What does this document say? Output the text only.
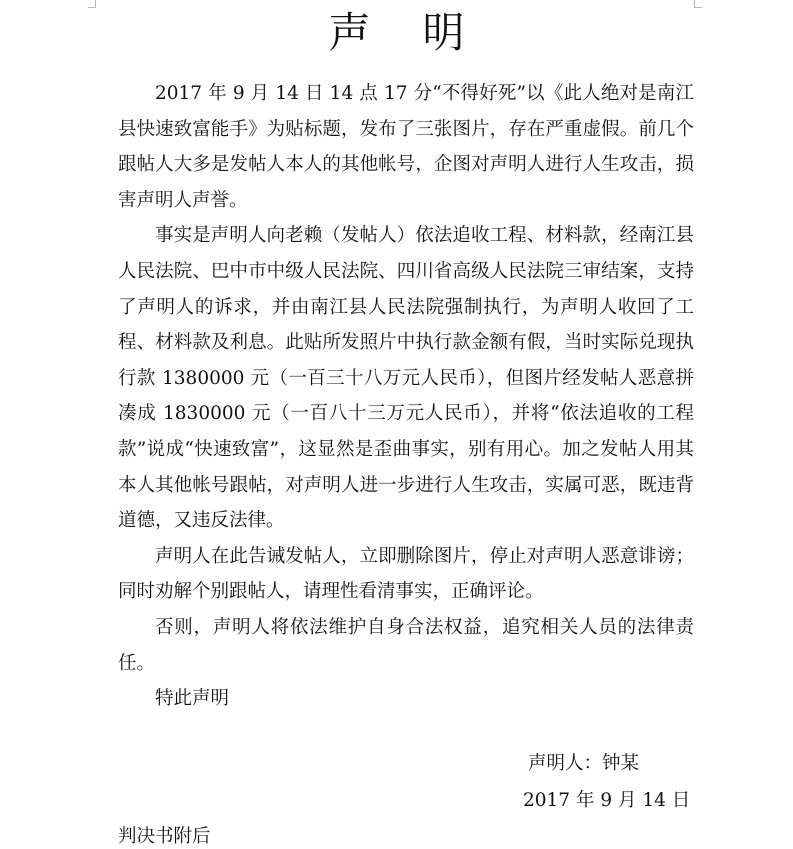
声明

2017 年 9 月 14 日 14 点 17 分“不得好死”以《此人绝对是南江县快速致富能手》为贴标题，发布了三张图片，存在严重虚假。前几个跟帖人大多是发帖人本人的其他帐号，企图对声明人进行人生攻击，损害声明人声誉。

事实是声明人向老赖（发帖人）依法追收工程、材料款，经南江县人民法院、巴中市中级人民法院、四川省高级人民法院三审结案，支持了声明人的诉求，并由南江县人民法院强制执行，为声明人收回了工程、材料款及利息。此贴所发照片中执行款金额有假，当时实际兑现执行款 1380000 元（一百三十八万元人民币），但图片经发帖人恶意拼凑成 1830000 元（一百八十三万元人民币），并将“依法追收的工程款”说成“快速致富”，这显然是歪曲事实，别有用心。加之发帖人用其本人其他帐号跟帖，对声明人进一步进行人生攻击，实属可恶，既违背道德，又违反法律。

声明人在此告诫发帖人，立即删除图片，停止对声明人恶意诽谤；同时劝解个别跟帖人，请理性看清事实，正确评论。

否则，声明人将依法维护自身合法权益，追究相关人员的法律责任。

特此声明

声明人：钟某
2017 年 9 月 14 日
判决书附后
